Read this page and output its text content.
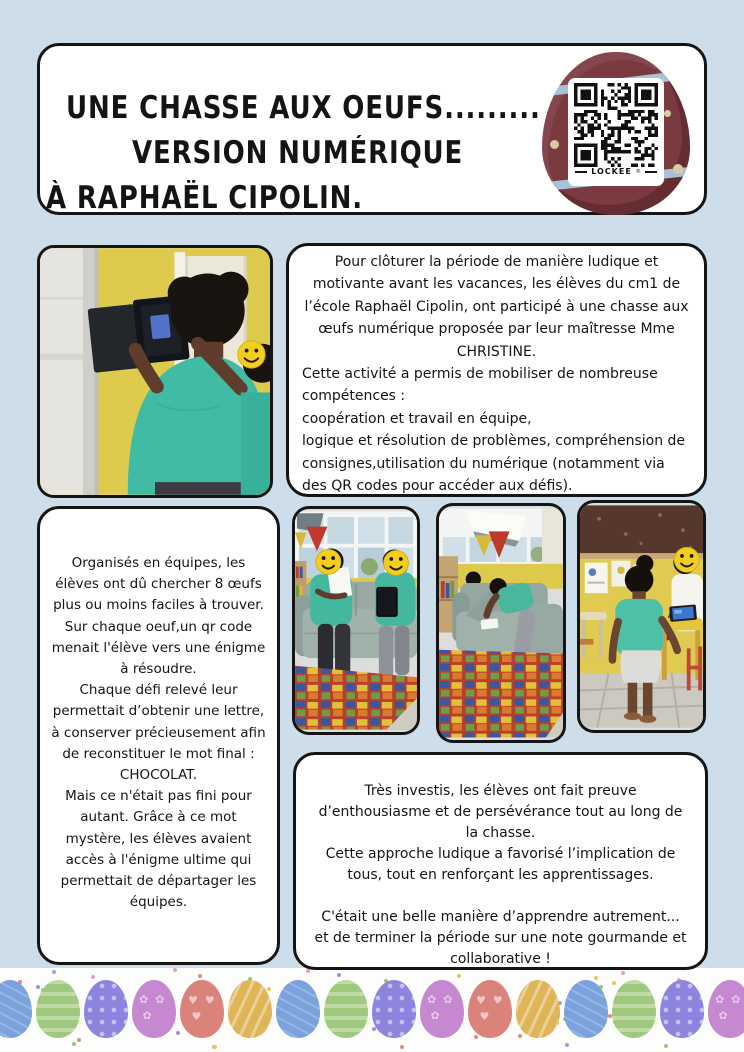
✿ ✿ ✿
♥ ♥ ♥
✿ ✿ ✿
♥ ♥ ♥
✿ ✿ ✿
UNE CHASSE AUX OEUFS.........
VERSION NUMÉRIQUE
À RAPHAËL CIPOLIN.
LOCKEE ®

Pour clôturer la période de manière ludique et motivante avant les vacances, les élèves du cm1 de l’école Raphaël Cipolin, ont participé à une chasse aux œufs numérique proposée par leur maîtresse Mme CHRISTINE.

Cette activité a permis de mobiliser de nombreuse compétences :

coopération et travail en équipe,

logique et résolution de problèmes, compréhension de consignes,utilisation du numérique (notamment via des QR codes pour accéder aux défis).

Organisés en équipes, les élèves ont dû chercher 8 œufs plus ou moins faciles à trouver.

Sur chaque oeuf,un qr code menait l'élève vers une énigme à résoudre.

Chaque défi relevé leur permettait d’obtenir une lettre, à conserver précieusement afin de reconstituer le mot final : CHOCOLAT.

Mais ce n'était pas fini pour autant. Grâce à ce mot mystère, les élèves avaient accès à l'énigme ultime qui permettait de départager les équipes.

Très investis, les élèves ont fait preuve d’enthousiasme et de persévérance tout au long de la chasse.

Cette approche ludique a favorisé l’implication de tous, tout en renforçant les apprentissages.

C'était une belle manière d’apprendre autrement... et de terminer la période sur une note gourmande et collaborative !
